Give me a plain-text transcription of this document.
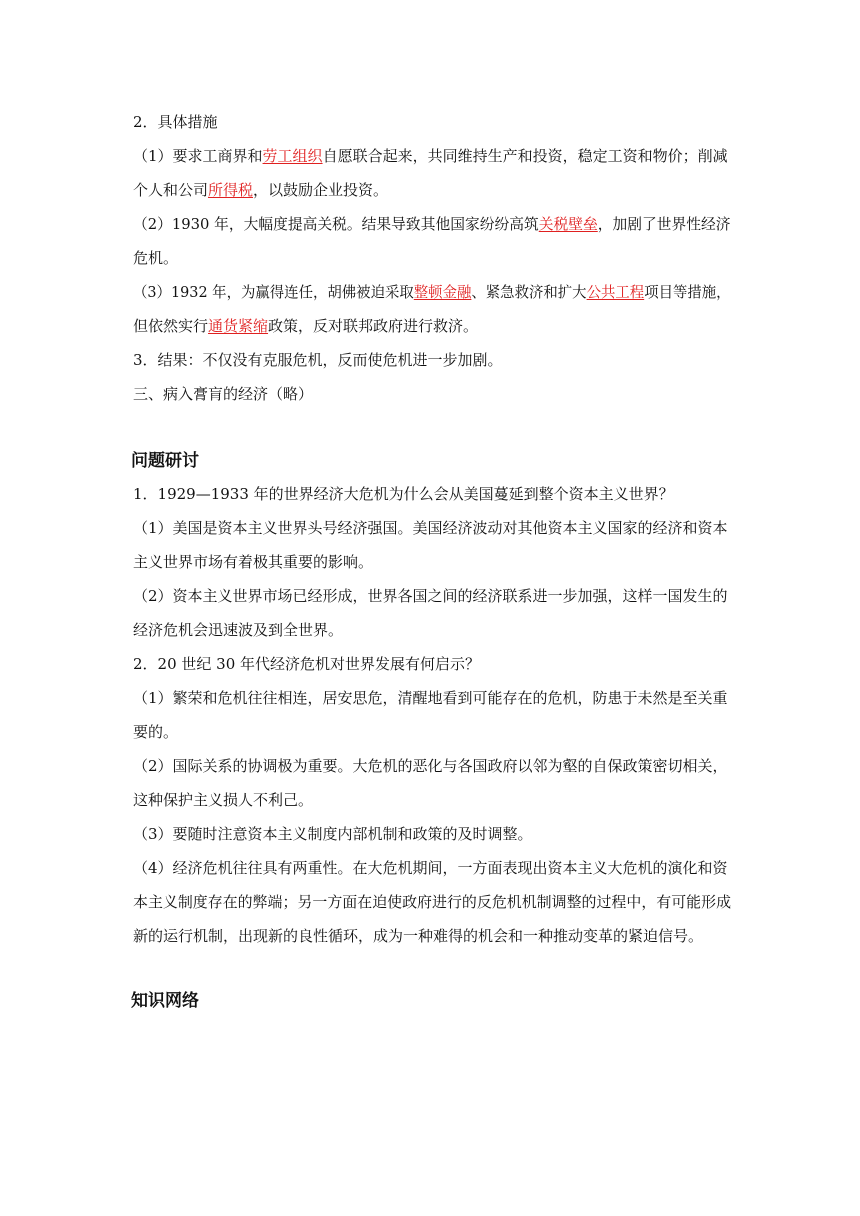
2．具体措施
（1）要求工商界和劳工组织自愿联合起来，共同维持生产和投资，稳定工资和物价；削减
个人和公司所得税，以鼓励企业投资。
（2）1930 年，大幅度提高关税。结果导致其他国家纷纷高筑关税壁垒，加剧了世界性经济
危机。
（3）1932 年，为赢得连任，胡佛被迫采取整顿金融、紧急救济和扩大公共工程项目等措施，
但依然实行通货紧缩政策，反对联邦政府进行救济。
3．结果：不仅没有克服危机，反而使危机进一步加剧。
三、病入膏肓的经济（略）
问题研讨
1．1929—1933 年的世界经济大危机为什么会从美国蔓延到整个资本主义世界？
（1）美国是资本主义世界头号经济强国。美国经济波动对其他资本主义国家的经济和资本
主义世界市场有着极其重要的影响。
（2）资本主义世界市场已经形成，世界各国之间的经济联系进一步加强，这样一国发生的
经济危机会迅速波及到全世界。
2．20 世纪 30 年代经济危机对世界发展有何启示？
（1）繁荣和危机往往相连，居安思危，清醒地看到可能存在的危机，防患于未然是至关重
要的。
（2）国际关系的协调极为重要。大危机的恶化与各国政府以邻为壑的自保政策密切相关，
这种保护主义损人不利己。
（3）要随时注意资本主义制度内部机制和政策的及时调整。
（4）经济危机往往具有两重性。在大危机期间，一方面表现出资本主义大危机的演化和资
本主义制度存在的弊端；另一方面在迫使政府进行的反危机机制调整的过程中，有可能形成
新的运行机制，出现新的良性循环，成为一种难得的机会和一种推动变革的紧迫信号。
知识网络
